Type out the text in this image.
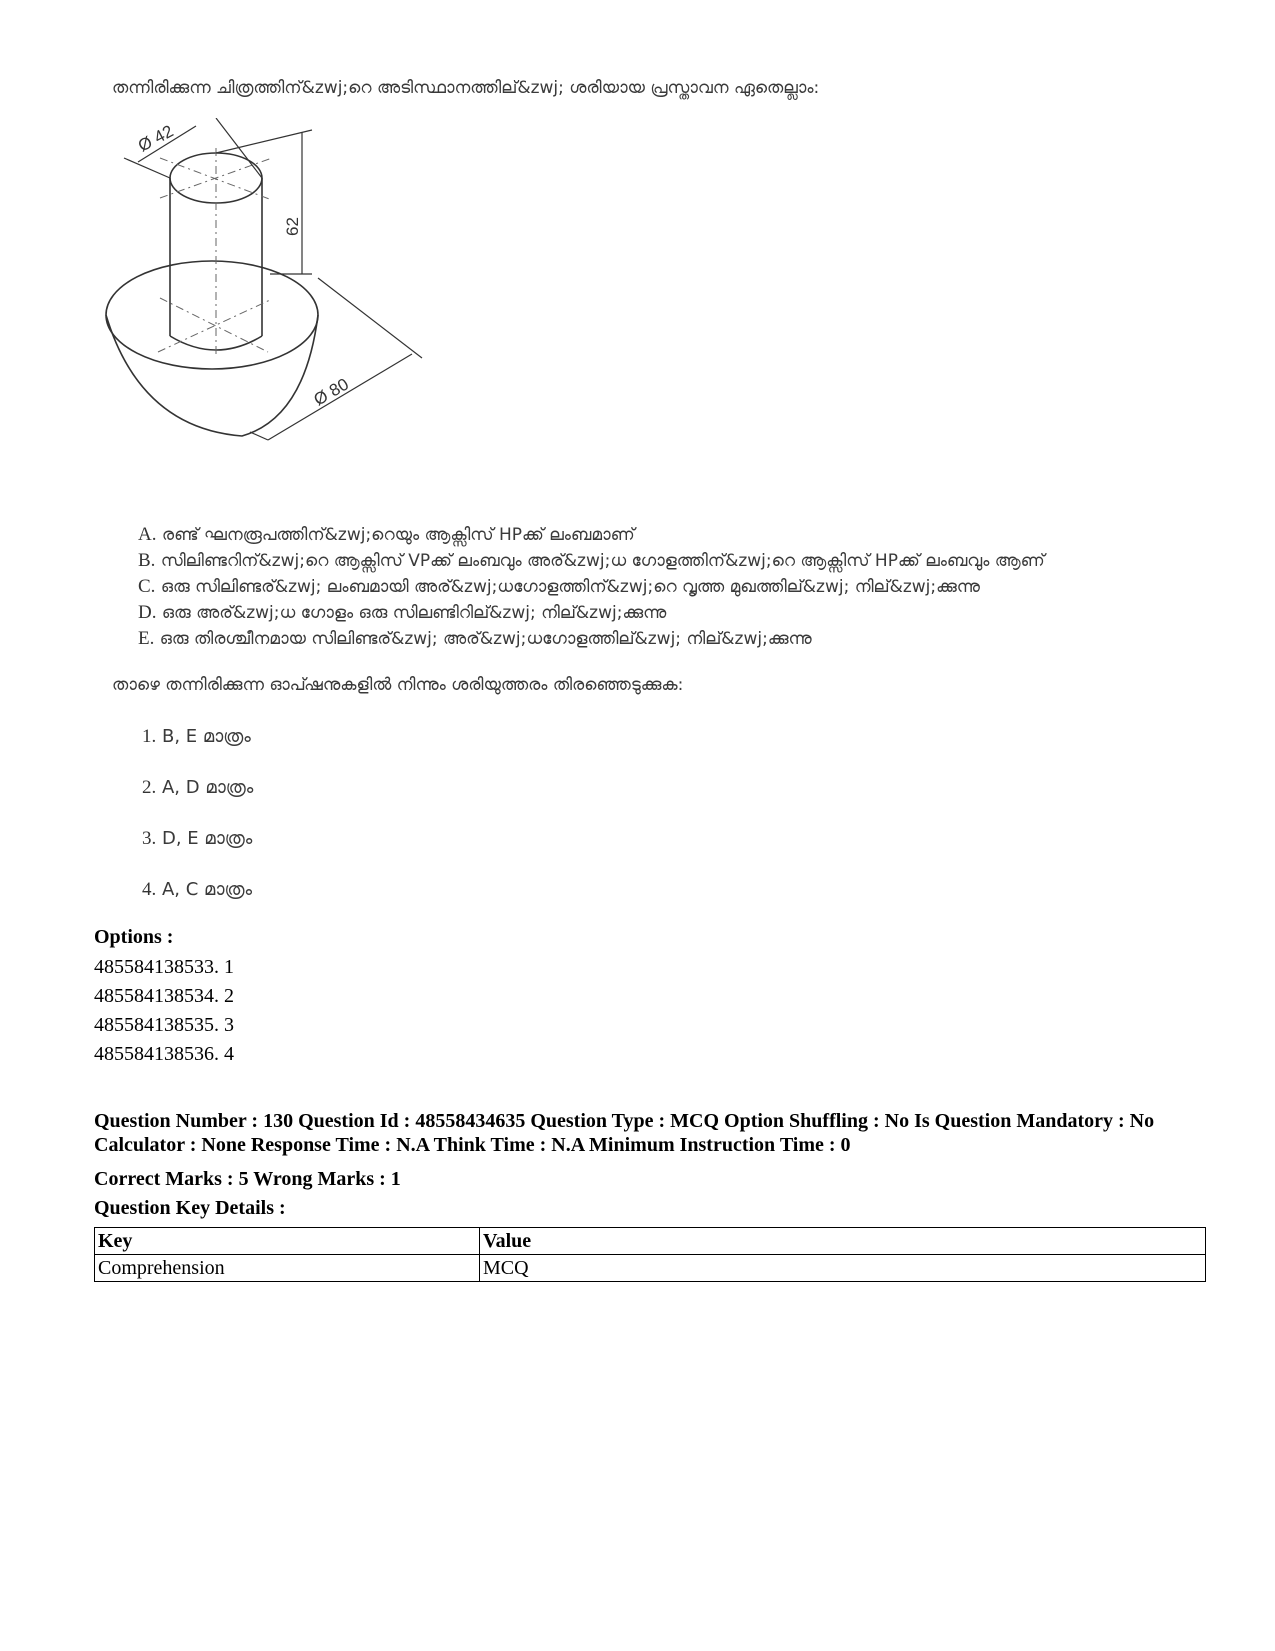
തന്നിരിക്കുന്ന ചിത്രത്തിന്&zwj;റെ അടിസ്ഥാനത്തില്&zwj; ശരിയായ പ്രസ്താവന ഏതെല്ലാം:
Ø 42
62
Ø 80
A. രണ്ട് ഘനരൂപത്തിന്&zwj;റെയും ആക്സിസ് HPക്ക് ലംബമാണ്
B. സിലിണ്ടറിന്&zwj;റെ ആക്സിസ് VPക്ക് ലംബവും അര്&zwj;ധ ഗോളത്തിന്&zwj;റെ ആക്സിസ് HPക്ക് ലംബവും ആണ്
C. ഒരു സിലിണ്ടര്&zwj; ലംബമായി അര്&zwj;ധഗോളത്തിന്&zwj;റെ വൃത്ത മുഖത്തില്&zwj; നില്&zwj;ക്കുന്നു
D. ഒരു അര്&zwj;ധ ഗോളം ഒരു സിലണ്ടിറില്&zwj; നില്&zwj;ക്കുന്നു
E. ഒരു തിരശ്ചീനമായ സിലിണ്ടര്&zwj; അര്&zwj;ധഗോളത്തില്&zwj; നില്&zwj;ക്കുന്നു
താഴെ തന്നിരിക്കുന്ന ഓപ്ഷനുകളിൽ നിന്നും ശരിയുത്തരം തിരഞ്ഞെടുക്കുക:
1. B, E മാത്രം
2. A, D മാത്രം
3. D, E മാത്രം
4. A, C മാത്രം
Options :
485584138533. 1
485584138534. 2
485584138535. 3
485584138536. 4
Question Number : 130 Question Id : 48558434635 Question Type : MCQ Option Shuffling : No Is Question Mandatory : No Calculator : None Response Time : N.A Think Time : N.A Minimum Instruction Time : 0
Correct Marks : 5 Wrong Marks : 1
Question Key Details :
Key	Value
Comprehension	MCQ
